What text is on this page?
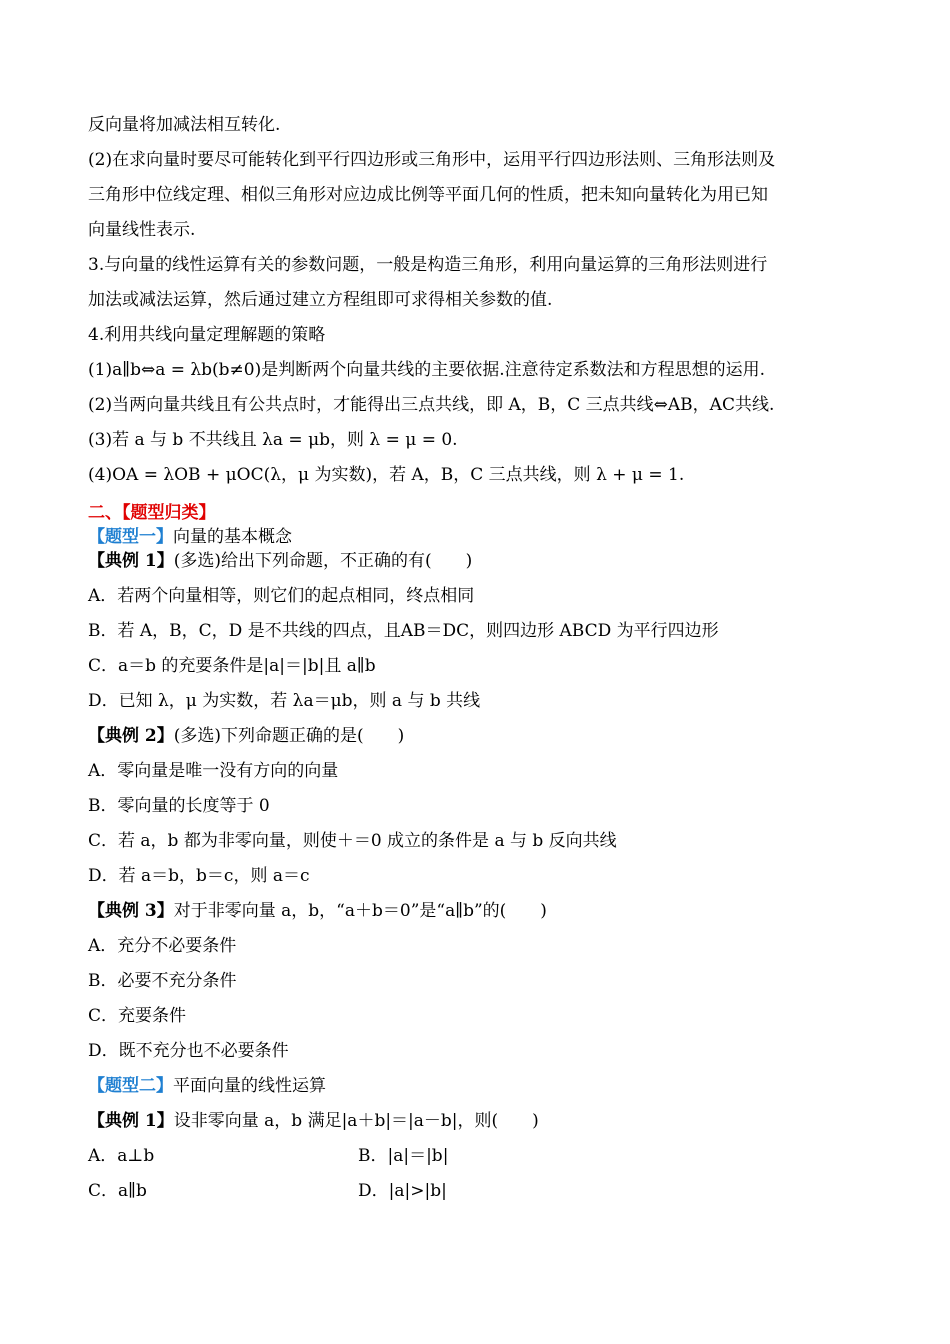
反向量将加减法相互转化.
(2)在求向量时要尽可能转化到平行四边形或三角形中，运用平行四边形法则、三角形法则及
三角形中位线定理、相似三角形对应边成比例等平面几何的性质，把未知向量转化为用已知
向量线性表示.
3.与向量的线性运算有关的参数问题，一般是构造三角形，利用向量运算的三角形法则进行
加法或减法运算，然后通过建立方程组即可求得相关参数的值.
4.利用共线向量定理解题的策略
(1)a∥b⇔a = λb(b≠0)是判断两个向量共线的主要依据.注意待定系数法和方程思想的运用.
(2)当两向量共线且有公共点时，才能得出三点共线，即 A，B，C 三点共线⇔AB，AC共线.
(3)若 a 与 b 不共线且 λa = μb，则 λ = μ = 0.
(4)OA = λOB + μOC(λ，μ 为实数)，若 A，B，C 三点共线，则 λ + μ = 1.
二、【题型归类】
【题型一】向量的基本概念
【典例 1】(多选)给出下列命题，不正确的有(　　)
A．若两个向量相等，则它们的起点相同，终点相同
B．若 A，B，C，D 是不共线的四点，且AB＝DC，则四边形 ABCD 为平行四边形
C．a＝b 的充要条件是|a|＝|b|且 a∥b
D．已知 λ，μ 为实数，若 λa＝μb，则 a 与 b 共线
【典例 2】(多选)下列命题正确的是(　　)
A．零向量是唯一没有方向的向量
B．零向量的长度等于 0
C．若 a，b 都为非零向量，则使＋＝0 成立的条件是 a 与 b 反向共线
D．若 a＝b，b＝c，则 a＝c
【典例 3】对于非零向量 a，b，“a＋b＝0”是“a∥b”的(　　)
A．充分不必要条件
B．必要不充分条件
C．充要条件
D．既不充分也不必要条件
【题型二】平面向量的线性运算
【典例 1】设非零向量 a，b 满足|a＋b|＝|a－b|，则(　　)
A．a⊥b	B．|a|＝|b|
C．a∥b	D．|a|>|b|
